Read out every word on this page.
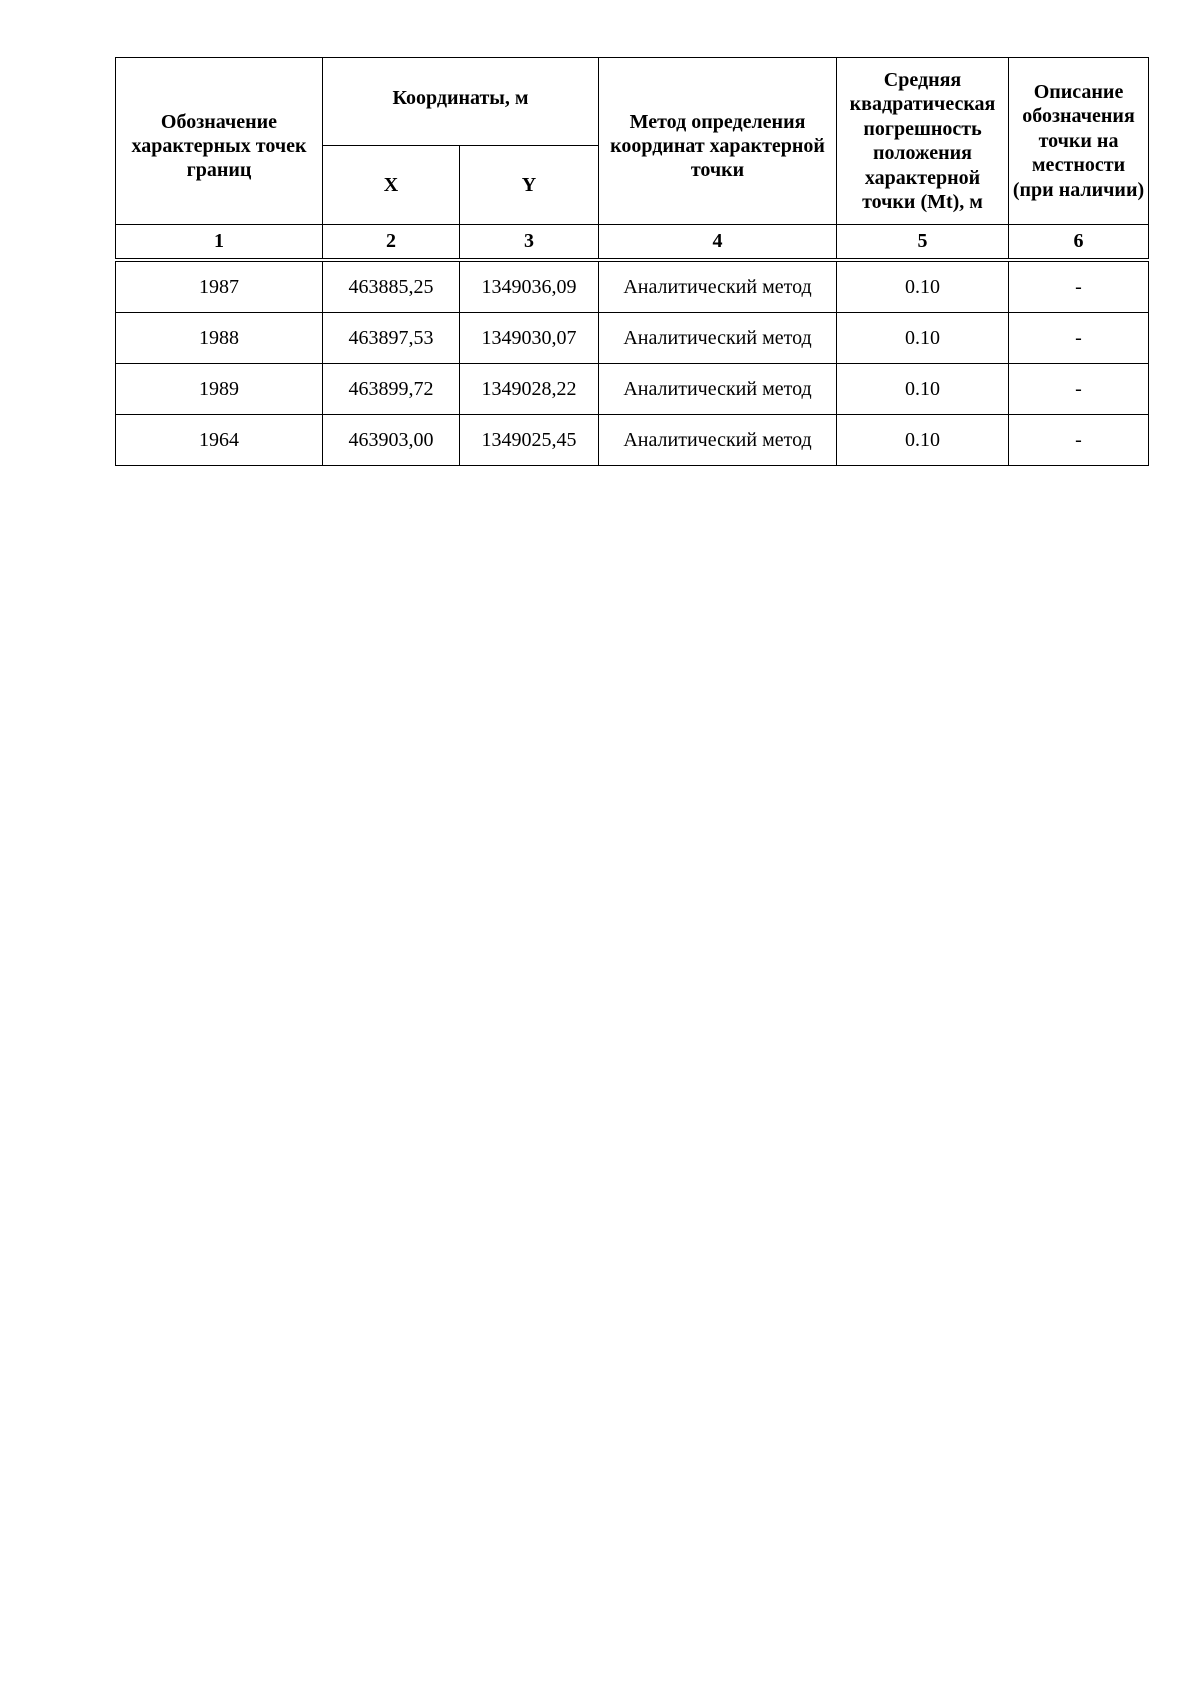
Обозначение характерных точек границ	Координаты, м		Метод определения координат характерной точки	Средняя квадратическая погрешность положения характерной точки (Mt), м	Описание обозначения точки на местности (при наличии)
	X	Y			
1	2	3	4	5	6

1987	463885,25	1349036,09	Аналитический метод	0.10	-
1988	463897,53	1349030,07	Аналитический метод	0.10	-
1989	463899,72	1349028,22	Аналитический метод	0.10	-
1964	463903,00	1349025,45	Аналитический метод	0.10	-
